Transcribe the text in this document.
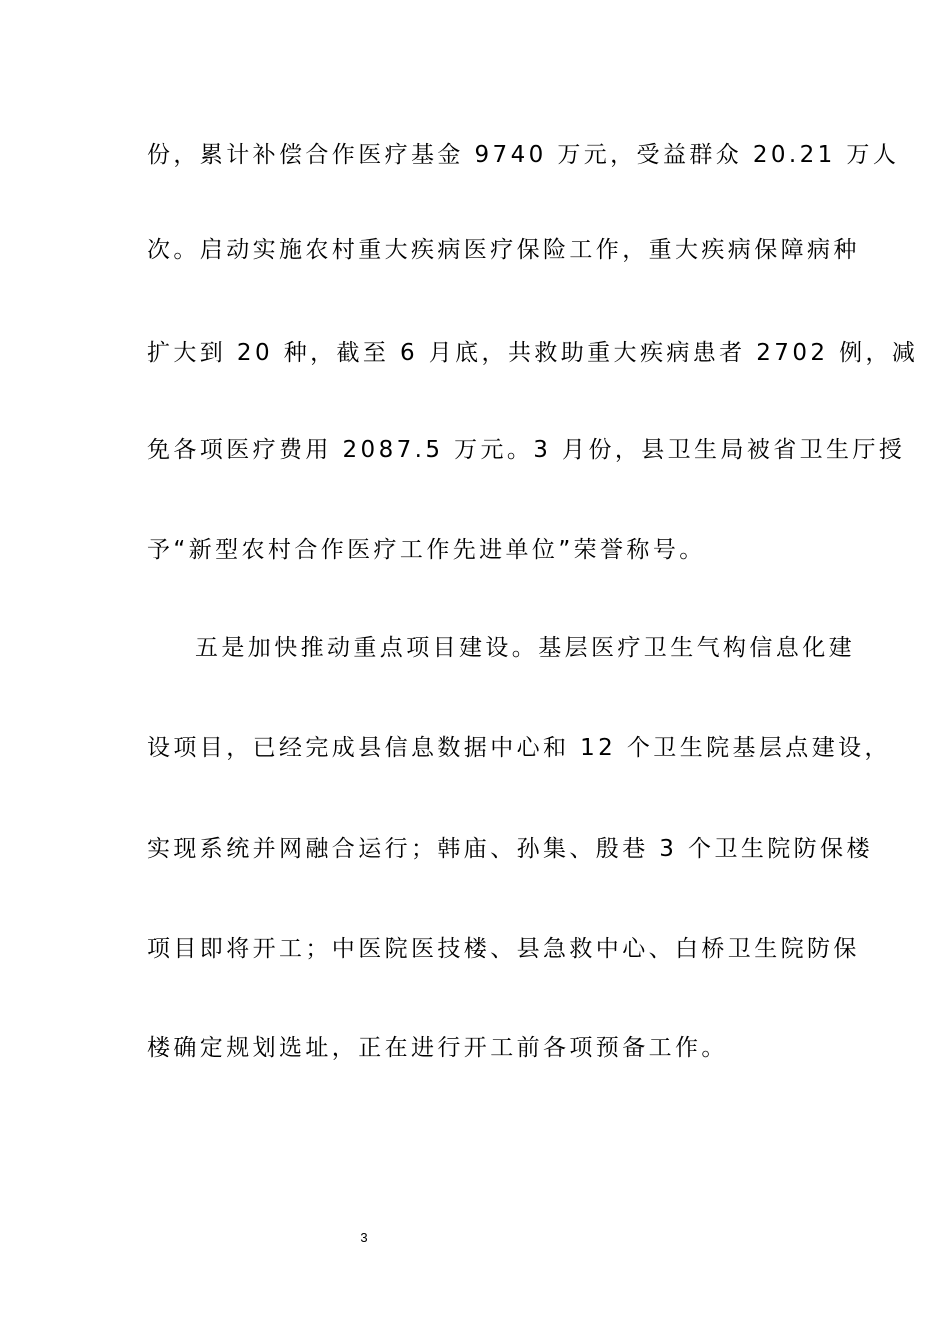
份，累计补偿合作医疗基金 9740 万元，受益群众 20.21 万人
次。启动实施农村重大疾病医疗保险工作，重大疾病保障病种
扩大到 20 种，截至 6 月底，共救助重大疾病患者 2702 例，减
免各项医疗费用 2087.5 万元。3 月份，县卫生局被省卫生厅授
予“新型农村合作医疗工作先进单位”荣誉称号。
五是加快推动重点项目建设。基层医疗卫生气构信息化建
设项目，已经完成县信息数据中心和 12 个卫生院基层点建设，
实现系统并网融合运行；韩庙、孙集、殷巷 3 个卫生院防保楼
项目即将开工；中医院医技楼、县急救中心、白桥卫生院防保
楼确定规划选址，正在进行开工前各项预备工作。
3
